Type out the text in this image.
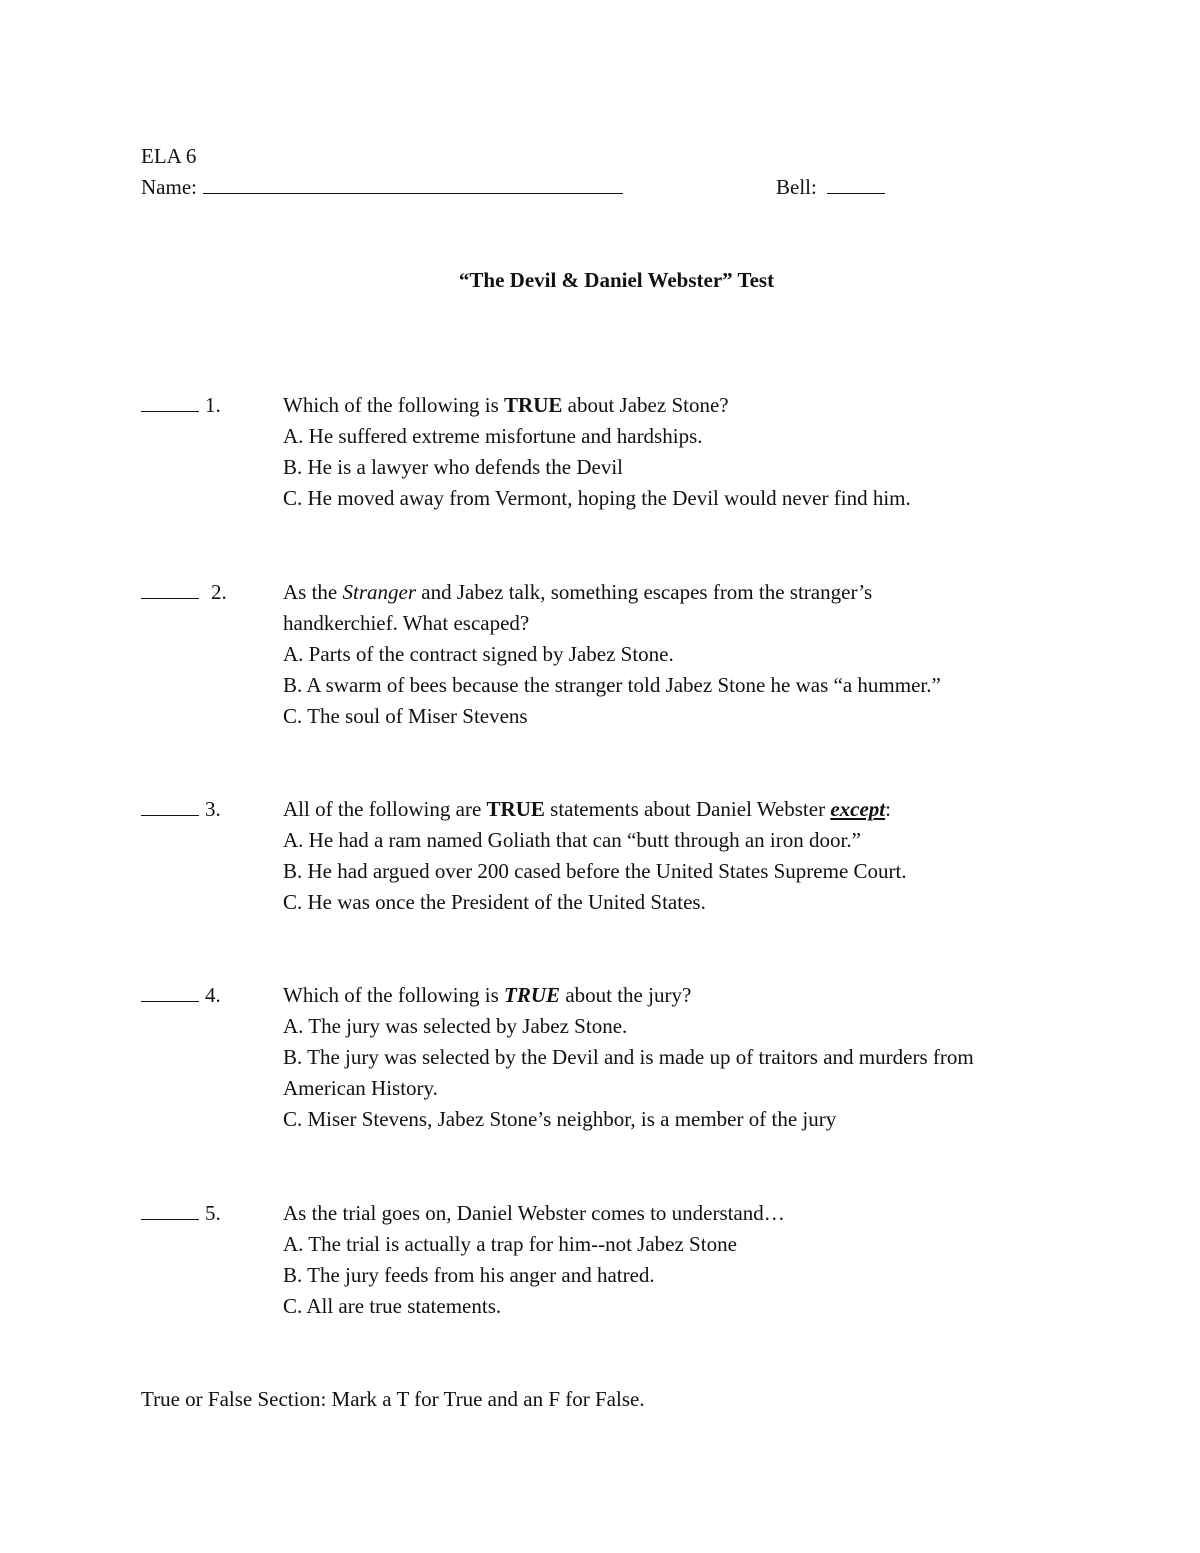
ELA 6
Name:	Bell:
“The Devil & Daniel Webster” Test
1.	Which of the following is TRUE about Jabez Stone?
A. He suffered extreme misfortune and hardships.
B. He is a lawyer who defends the Devil
C. He moved away from Vermont, hoping the Devil would never find him.
2.	As the Stranger and Jabez talk, something escapes from the stranger’s
handkerchief. What escaped?
A. Parts of the contract signed by Jabez Stone.
B. A swarm of bees because the stranger told Jabez Stone he was “a hummer.”
C. The soul of Miser Stevens
3.	All of the following are TRUE statements about Daniel Webster except:
A. He had a ram named Goliath that can “butt through an iron door.”
B. He had argued over 200 cased before the United States Supreme Court.
C. He was once the President of the United States.
4.	Which of the following is TRUE about the jury?
A. The jury was selected by Jabez Stone.
B. The jury was selected by the Devil and is made up of traitors and murders from
American History.
C. Miser Stevens, Jabez Stone’s neighbor, is a member of the jury
5.	As the trial goes on, Daniel Webster comes to understand…
A. The trial is actually a trap for him--not Jabez Stone
B. The jury feeds from his anger and hatred.
C. All are true statements.
True or False Section: Mark a T for True and an F for False.
